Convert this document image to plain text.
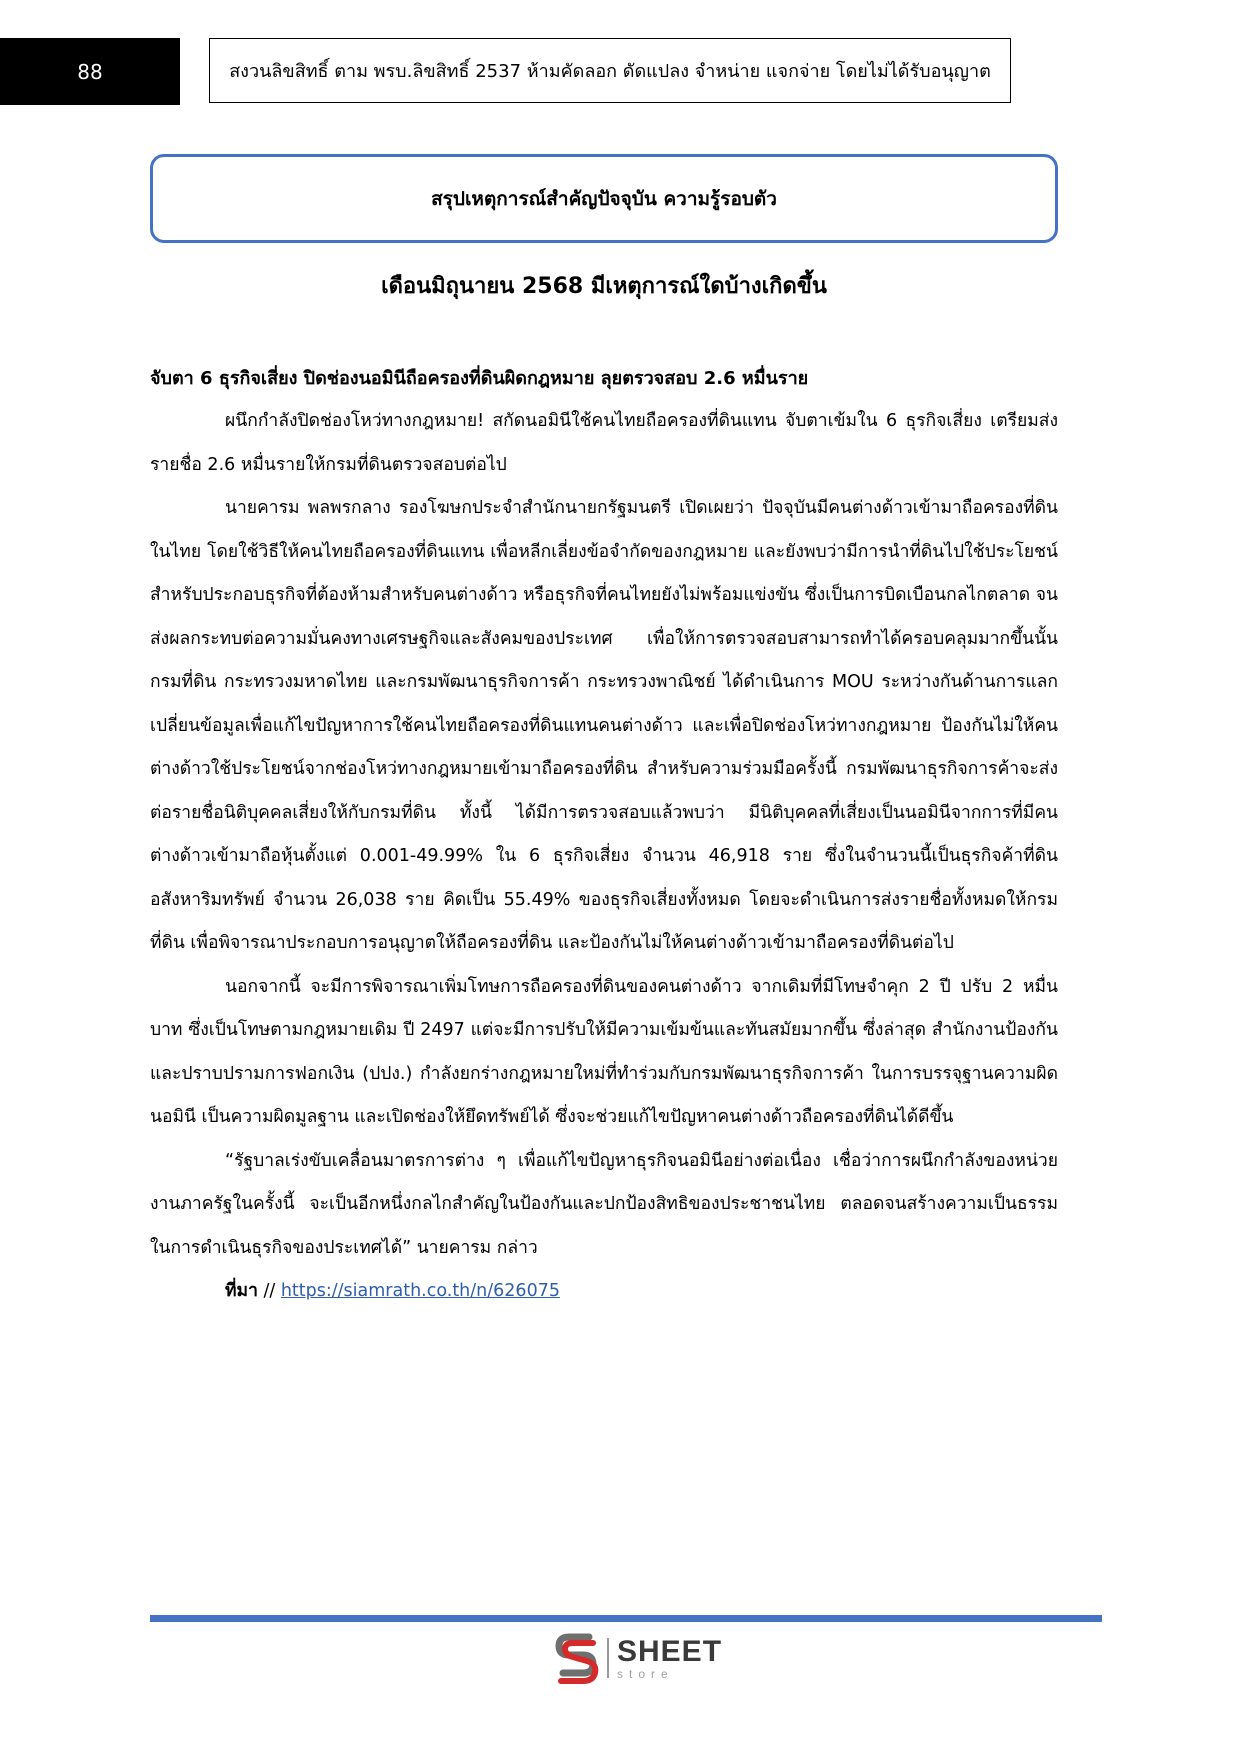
88	สงวนลิขสิทธิ์ ตาม พรบ.ลิขสิทธิ์ 2537 ห้ามคัดลอก ดัดแปลง จำหน่าย แจกจ่าย โดยไม่ได้รับอนุญาต
สรุปเหตุการณ์สำคัญปัจจุบัน ความรู้รอบตัว
เดือนมิถุนายน 2568 มีเหตุการณ์ใดบ้างเกิดขึ้น
จับตา 6 ธุรกิจเสี่ยง ปิดช่องนอมินีถือครองที่ดินผิดกฎหมาย ลุยตรวจสอบ 2.6 หมื่นราย

ผนึกกำลังปิดช่องโหว่ทางกฎหมาย! สกัดนอมินีใช้คนไทยถือครองที่ดินแทน จับตาเข้มใน 6 ธุรกิจเสี่ยง เตรียมส่งรายชื่อ 2.6 หมื่นรายให้กรมที่ดินตรวจสอบต่อไป

นายคารม พลพรกลาง รองโฆษกประจำสำนักนายกรัฐมนตรี เปิดเผยว่า ปัจจุบันมีคนต่างด้าวเข้ามาถือครองที่ดินในไทย โดยใช้วิธีให้คนไทยถือครองที่ดินแทน เพื่อหลีกเลี่ยงข้อจำกัดของกฎหมาย และยังพบว่ามีการนำที่ดินไปใช้ประโยชน์ สำหรับประกอบธุรกิจที่ต้องห้ามสำหรับคนต่างด้าว หรือธุรกิจที่คนไทยยังไม่พร้อมแข่งขัน ซึ่งเป็นการบิดเบือนกลไกตลาด จนส่งผลกระทบต่อความมั่นคงทางเศรษฐกิจและสังคมของประเทศ เพื่อให้การตรวจสอบสามารถทำได้ครอบคลุมมากขึ้นนั้น กรมที่ดิน กระทรวงมหาดไทย และกรมพัฒนาธุรกิจการค้า กระทรวงพาณิชย์ ได้ดำเนินการ MOU ระหว่างกันด้านการแลกเปลี่ยนข้อมูลเพื่อแก้ไขปัญหาการใช้คนไทยถือครองที่ดินแทนคนต่างด้าว และเพื่อปิดช่องโหว่ทางกฎหมาย ป้องกันไม่ให้คนต่างด้าวใช้ประโยชน์จากช่องโหว่ทางกฎหมายเข้ามาถือครองที่ดิน สำหรับความร่วมมือครั้งนี้ กรมพัฒนาธุรกิจการค้าจะส่งต่อรายชื่อนิติบุคคลเสี่ยงให้กับกรมที่ดิน ทั้งนี้ ได้มีการตรวจสอบแล้วพบว่า มีนิติบุคคลที่เสี่ยงเป็นนอมินีจากการที่มีคนต่างด้าวเข้ามาถือหุ้นตั้งแต่ 0.001-49.99% ใน 6 ธุรกิจเสี่ยง จำนวน 46,918 ราย ซึ่งในจำนวนนี้เป็นธุรกิจค้าที่ดิน อสังหาริมทรัพย์ จำนวน 26,038 ราย คิดเป็น 55.49% ของธุรกิจเสี่ยงทั้งหมด โดยจะดำเนินการส่งรายชื่อทั้งหมดให้กรมที่ดิน เพื่อพิจารณาประกอบการอนุญาตให้ถือครองที่ดิน และป้องกันไม่ให้คนต่างด้าวเข้ามาถือครองที่ดินต่อไป

นอกจากนี้ จะมีการพิจารณาเพิ่มโทษการถือครองที่ดินของคนต่างด้าว จากเดิมที่มีโทษจำคุก 2 ปี ปรับ 2 หมื่นบาท ซึ่งเป็นโทษตามกฎหมายเดิม ปี 2497 แต่จะมีการปรับให้มีความเข้มข้นและทันสมัยมากขึ้น ซึ่งล่าสุด สำนักงานป้องกันและปราบปรามการฟอกเงิน (ปปง.) กำลังยกร่างกฎหมายใหม่ที่ทำร่วมกับกรมพัฒนาธุรกิจการค้า ในการบรรจุฐานความผิดนอมินี เป็นความผิดมูลฐาน และเปิดช่องให้ยึดทรัพย์ได้ ซึ่งจะช่วยแก้ไขปัญหาคนต่างด้าวถือครองที่ดินได้ดีขึ้น

“รัฐบาลเร่งขับเคลื่อนมาตรการต่าง ๆ เพื่อแก้ไขปัญหาธุรกิจนอมินีอย่างต่อเนื่อง เชื่อว่าการผนึกกำลังของหน่วยงานภาครัฐในครั้งนี้ จะเป็นอีกหนึ่งกลไกสำคัญในป้องกันและปกป้องสิทธิของประชาชนไทย ตลอดจนสร้างความเป็นธรรมในการดำเนินธุรกิจของประเทศได้” นายคารม กล่าว

ที่มา // https://siamrath.co.th/n/626075
SHEET
store
